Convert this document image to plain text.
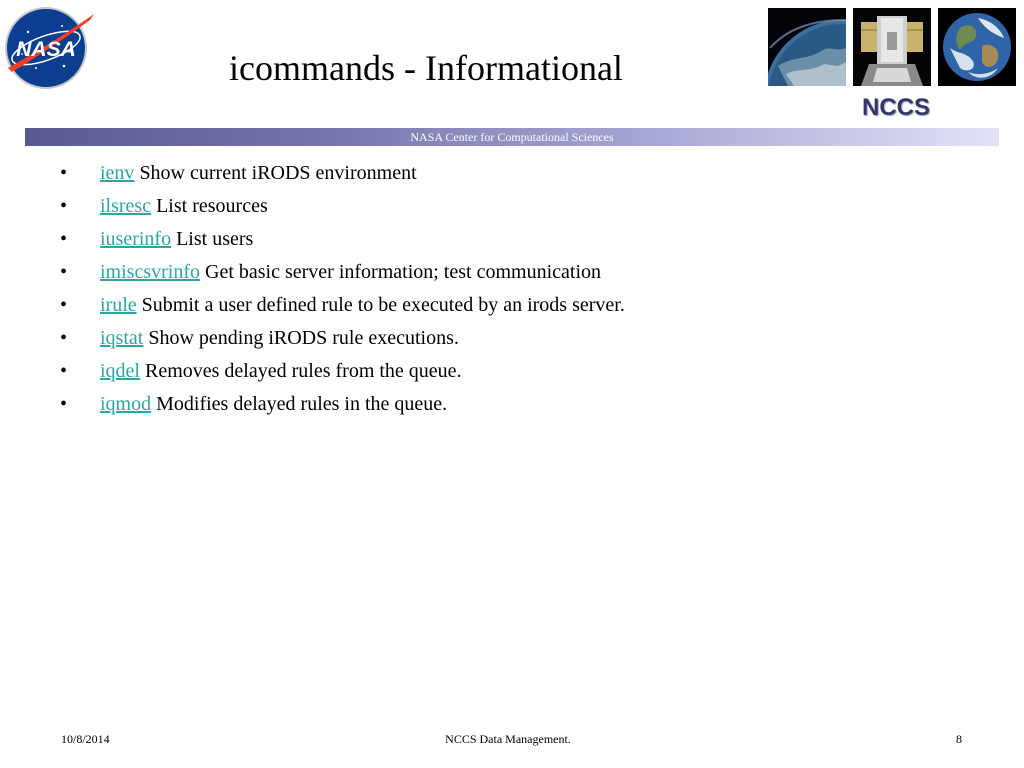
NASA	icommands - Informational
NCCS
NASA Center for Computational Sciences
• ienv Show current iRODS environment
• ilsresc List resources
• iuserinfo List users
• imiscsvrinfo Get basic server information; test communication
• irule Submit a user defined rule to be executed by an irods server.
• iqstat Show pending iRODS rule executions.
• iqdel Removes delayed rules from the queue.
• iqmod Modifies delayed rules in the queue.
10/8/2014	NCCS Data Management.	8
